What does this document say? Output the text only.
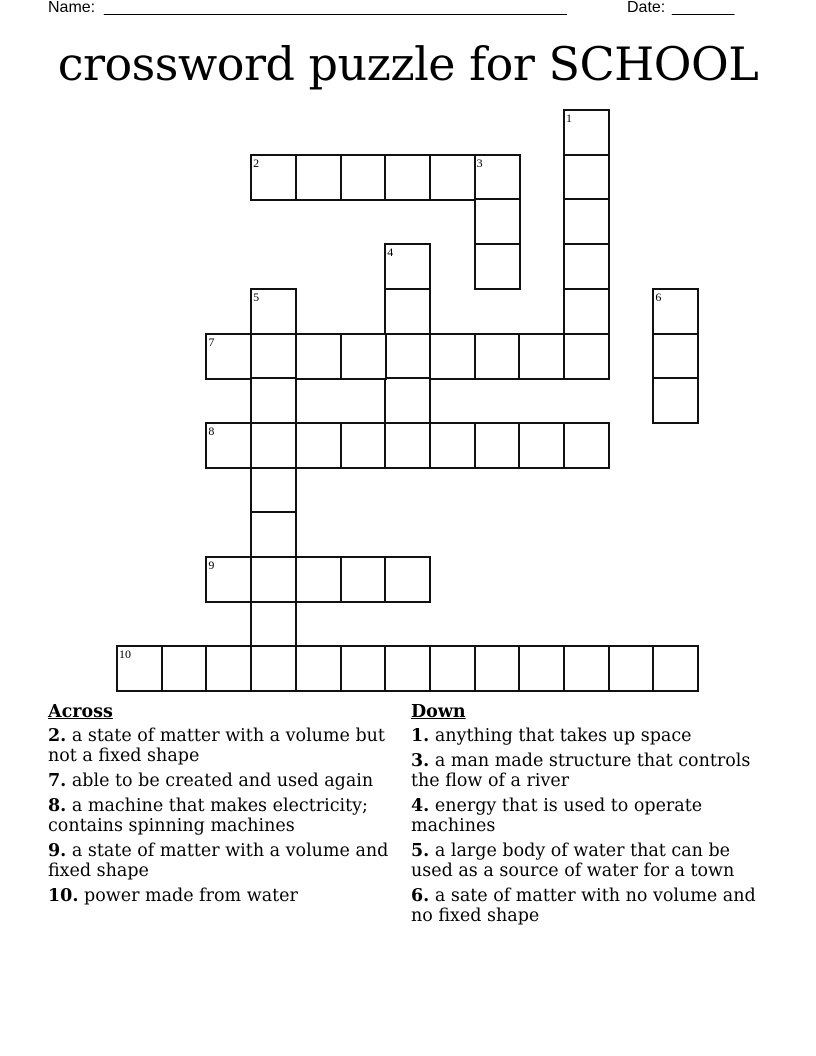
Name: ____________________________________________________	Date: _______
crossword puzzle for SCHOOL
1
2	3
4
5	6
7
8
9
10
Across
2. a state of matter with a volume but not a fixed shape
7. able to be created and used again
8. a machine that makes electricity; contains spinning machines
9. a state of matter with a volume and fixed shape
10. power made from water
Down
1. anything that takes up space
3. a man made structure that controls the flow of a river
4. energy that is used to operate machines
5. a large body of water that can be used as a source of water for a town
6. a sate of matter with no volume and no fixed shape
